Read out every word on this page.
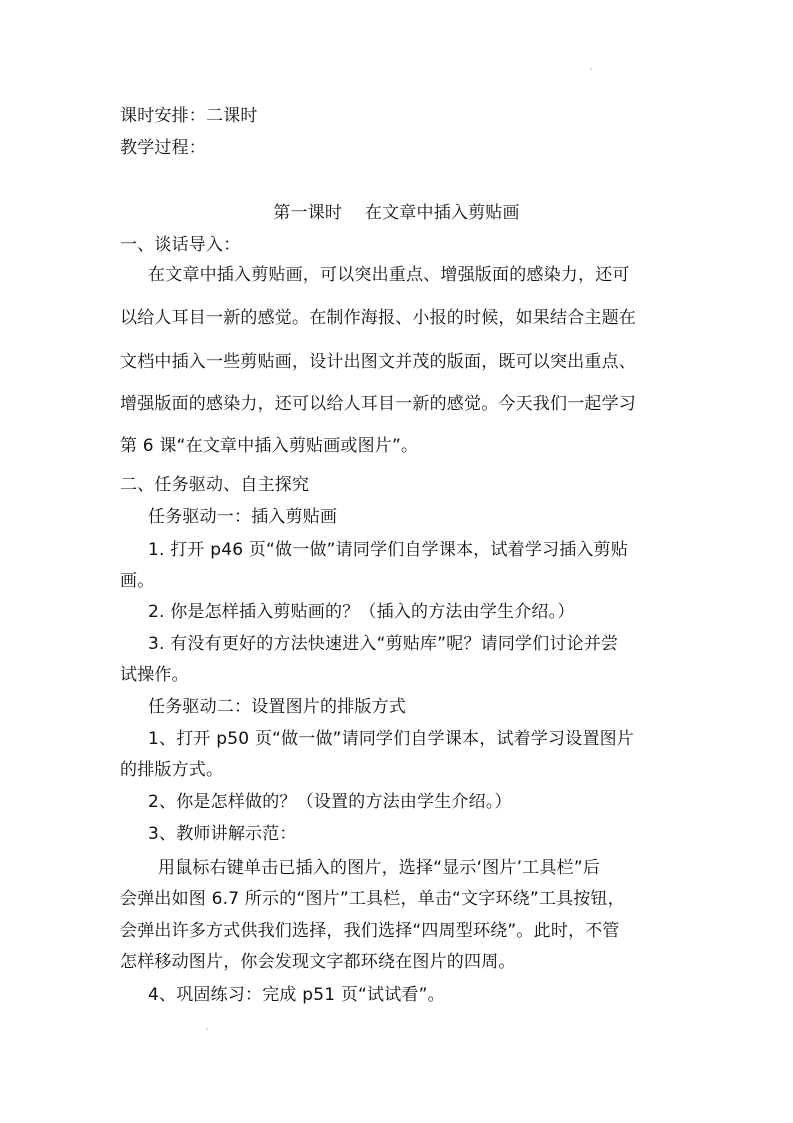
课时安排：二课时
教学过程：
第一课时　 在文章中插入剪贴画
一、谈话导入：
在文章中插入剪贴画，可以突出重点、增强版面的感染力，还可
以给人耳目一新的感觉。在制作海报、小报的时候，如果结合主题在
文档中插入一些剪贴画，设计出图文并茂的版面，既可以突出重点、
增强版面的感染力，还可以给人耳目一新的感觉。今天我们一起学习
第 6 课“在文章中插入剪贴画或图片”。
二、任务驱动、自主探究
任务驱动一：插入剪贴画
1. 打开 p46 页“做一做”请同学们自学课本，试着学习插入剪贴
画。
2. 你是怎样插入剪贴画的？（插入的方法由学生介绍。）
3. 有没有更好的方法快速进入“剪贴库”呢？请同学们讨论并尝
试操作。
任务驱动二：设置图片的排版方式
1、打开 p50 页“做一做”请同学们自学课本，试着学习设置图片
的排版方式。
2、你是怎样做的？（设置的方法由学生介绍。）
3、教师讲解示范：
用鼠标右键单击已插入的图片，选择“显示‘图片’工具栏”后
会弹出如图 6.7 所示的“图片”工具栏，单击“文字环绕”工具按钮，
会弹出许多方式供我们选择，我们选择“四周型环绕”。此时，不管
怎样移动图片，你会发现文字都环绕在图片的四周。
4、巩固练习：完成 p51 页“试试看”。
